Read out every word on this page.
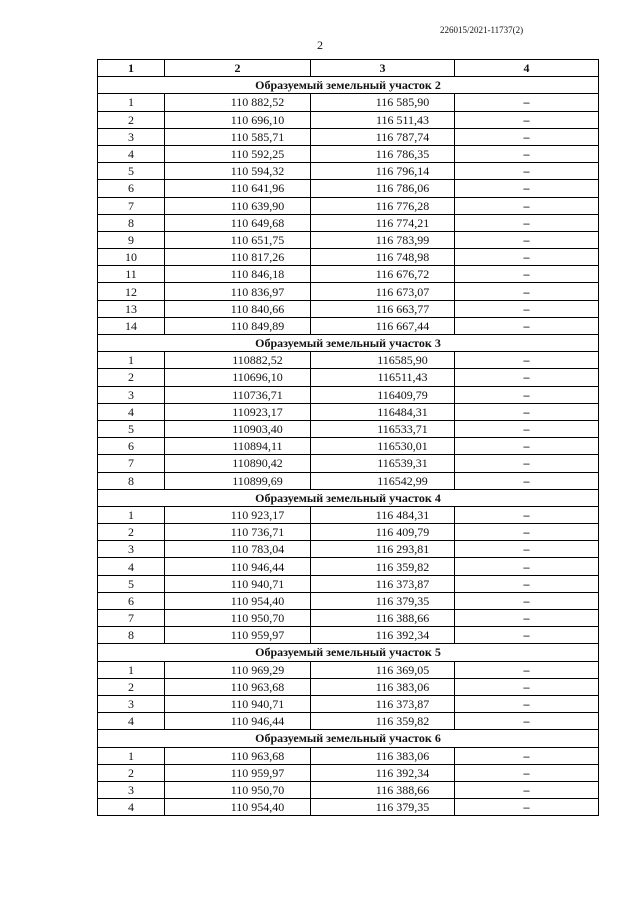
226015/2021-11737(2)
2
1	2	3	4
Образуемый земельный участок 2			
1	110 882,52	116 585,90	–
2	110 696,10	116 511,43	–
3	110 585,71	116 787,74	–
4	110 592,25	116 786,35	–
5	110 594,32	116 796,14	–
6	110 641,96	116 786,06	–
7	110 639,90	116 776,28	–
8	110 649,68	116 774,21	–
9	110 651,75	116 783,99	–
10	110 817,26	116 748,98	–
11	110 846,18	116 676,72	–
12	110 836,97	116 673,07	–
13	110 840,66	116 663,77	–
14	110 849,89	116 667,44	–
Образуемый земельный участок 3			
1	110882,52	116585,90	–
2	110696,10	116511,43	–
3	110736,71	116409,79	–
4	110923,17	116484,31	–
5	110903,40	116533,71	–
6	110894,11	116530,01	–
7	110890,42	116539,31	–
8	110899,69	116542,99	–
Образуемый земельный участок 4			
1	110 923,17	116 484,31	–
2	110 736,71	116 409,79	–
3	110 783,04	116 293,81	–
4	110 946,44	116 359,82	–
5	110 940,71	116 373,87	–
6	110 954,40	116 379,35	–
7	110 950,70	116 388,66	–
8	110 959,97	116 392,34	–
Образуемый земельный участок 5			
1	110 969,29	116 369,05	–
2	110 963,68	116 383,06	–
3	110 940,71	116 373,87	–
4	110 946,44	116 359,82	–
Образуемый земельный участок 6			
1	110 963,68	116 383,06	–
2	110 959,97	116 392,34	–
3	110 950,70	116 388,66	–
4	110 954,40	116 379,35	–
